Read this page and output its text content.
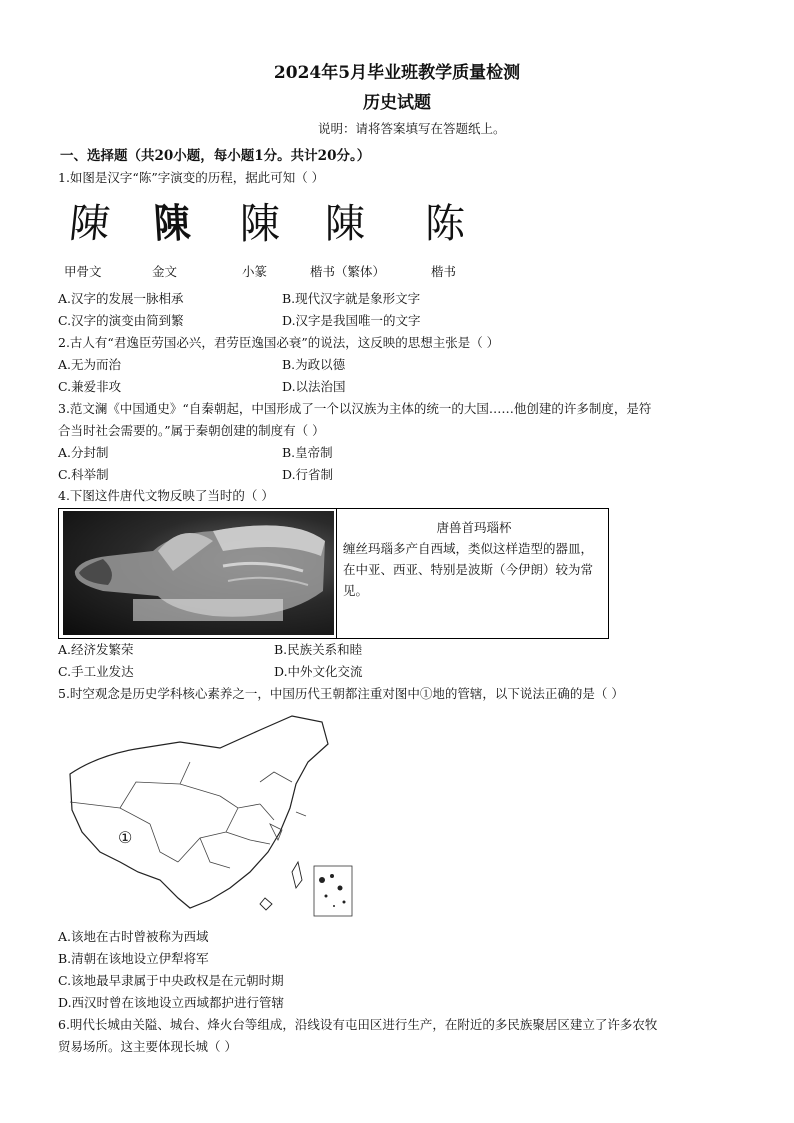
2024年5月毕业班教学质量检测
历史试题
说明：请将答案填写在答题纸上。
一、选择题（共20小题，每小题1分。共计20分。）
1.如图是汉字“陈”字演变的历程，据此可知（ ）
陳 陳 陳 陳 陈
甲骨文	金文	小篆	楷书（繁体）	楷书
A.汉字的发展一脉相承	B.现代汉字就是象形文字
C.汉字的演变由简到繁	D.汉字是我国唯一的文字
2.古人有“君逸臣劳国必兴，君劳臣逸国必衰”的说法，这反映的思想主张是（ ）
A.无为而治	B.为政以德
C.兼爱非攻	D.以法治国
3.范文澜《中国通史》“自秦朝起，中国形成了一个以汉族为主体的统一的大国……他创建的许多制度，是符
合当时社会需要的。”属于秦朝创建的制度有（ ）
A.分封制	B.皇帝制
C.科举制	D.行省制
4.下图这件唐代文物反映了当时的（ ）
唐兽首玛瑙杯
缠丝玛瑙多产自西域，类似这样造型的器皿，在中亚、西亚、特别是波斯（今伊朗）较为常见。
A.经济发繁荣	B.民族关系和睦
C.手工业发达	D.中外文化交流
5.时空观念是历史学科核心素养之一，中国历代王朝都注重对图中①地的管辖，以下说法正确的是（ ）
①
A.该地在古时曾被称为西域
B.清朝在该地设立伊犁将军
C.该地最早隶属于中央政权是在元朝时期
D.西汉时曾在该地设立西域都护进行管辖
6.明代长城由关隘、城台、烽火台等组成，沿线设有屯田区进行生产，在附近的多民族聚居区建立了许多农牧
贸易场所。这主要体现长城（ ）
